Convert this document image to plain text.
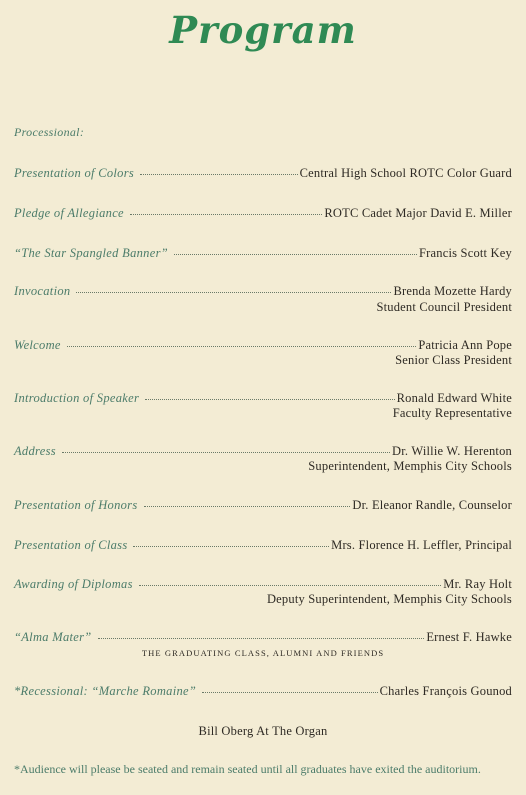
Program
Processional:
Presentation of Colors	Central High School ROTC Color Guard
Pledge of Allegiance	ROTC Cadet Major David E. Miller
“The Star Spangled Banner”	Francis Scott Key
Invocation	Brenda Mozette Hardy
Student Council President
Welcome	Patricia Ann Pope
Senior Class President
Introduction of Speaker	Ronald Edward White
Faculty Representative
Address	Dr. Willie W. Herenton
Superintendent, Memphis City Schools
Presentation of Honors	Dr. Eleanor Randle, Counselor
Presentation of Class	Mrs. Florence H. Leffler, Principal
Awarding of Diplomas	Mr. Ray Holt
Deputy Superintendent, Memphis City Schools
“Alma Mater”	Ernest F. Hawke
THE GRADUATING CLASS, ALUMNI AND FRIENDS
*Recessional: “Marche Romaine”	Charles François Gounod
Bill Oberg At The Organ
*Audience will please be seated and remain seated until all graduates have exited the auditorium.
